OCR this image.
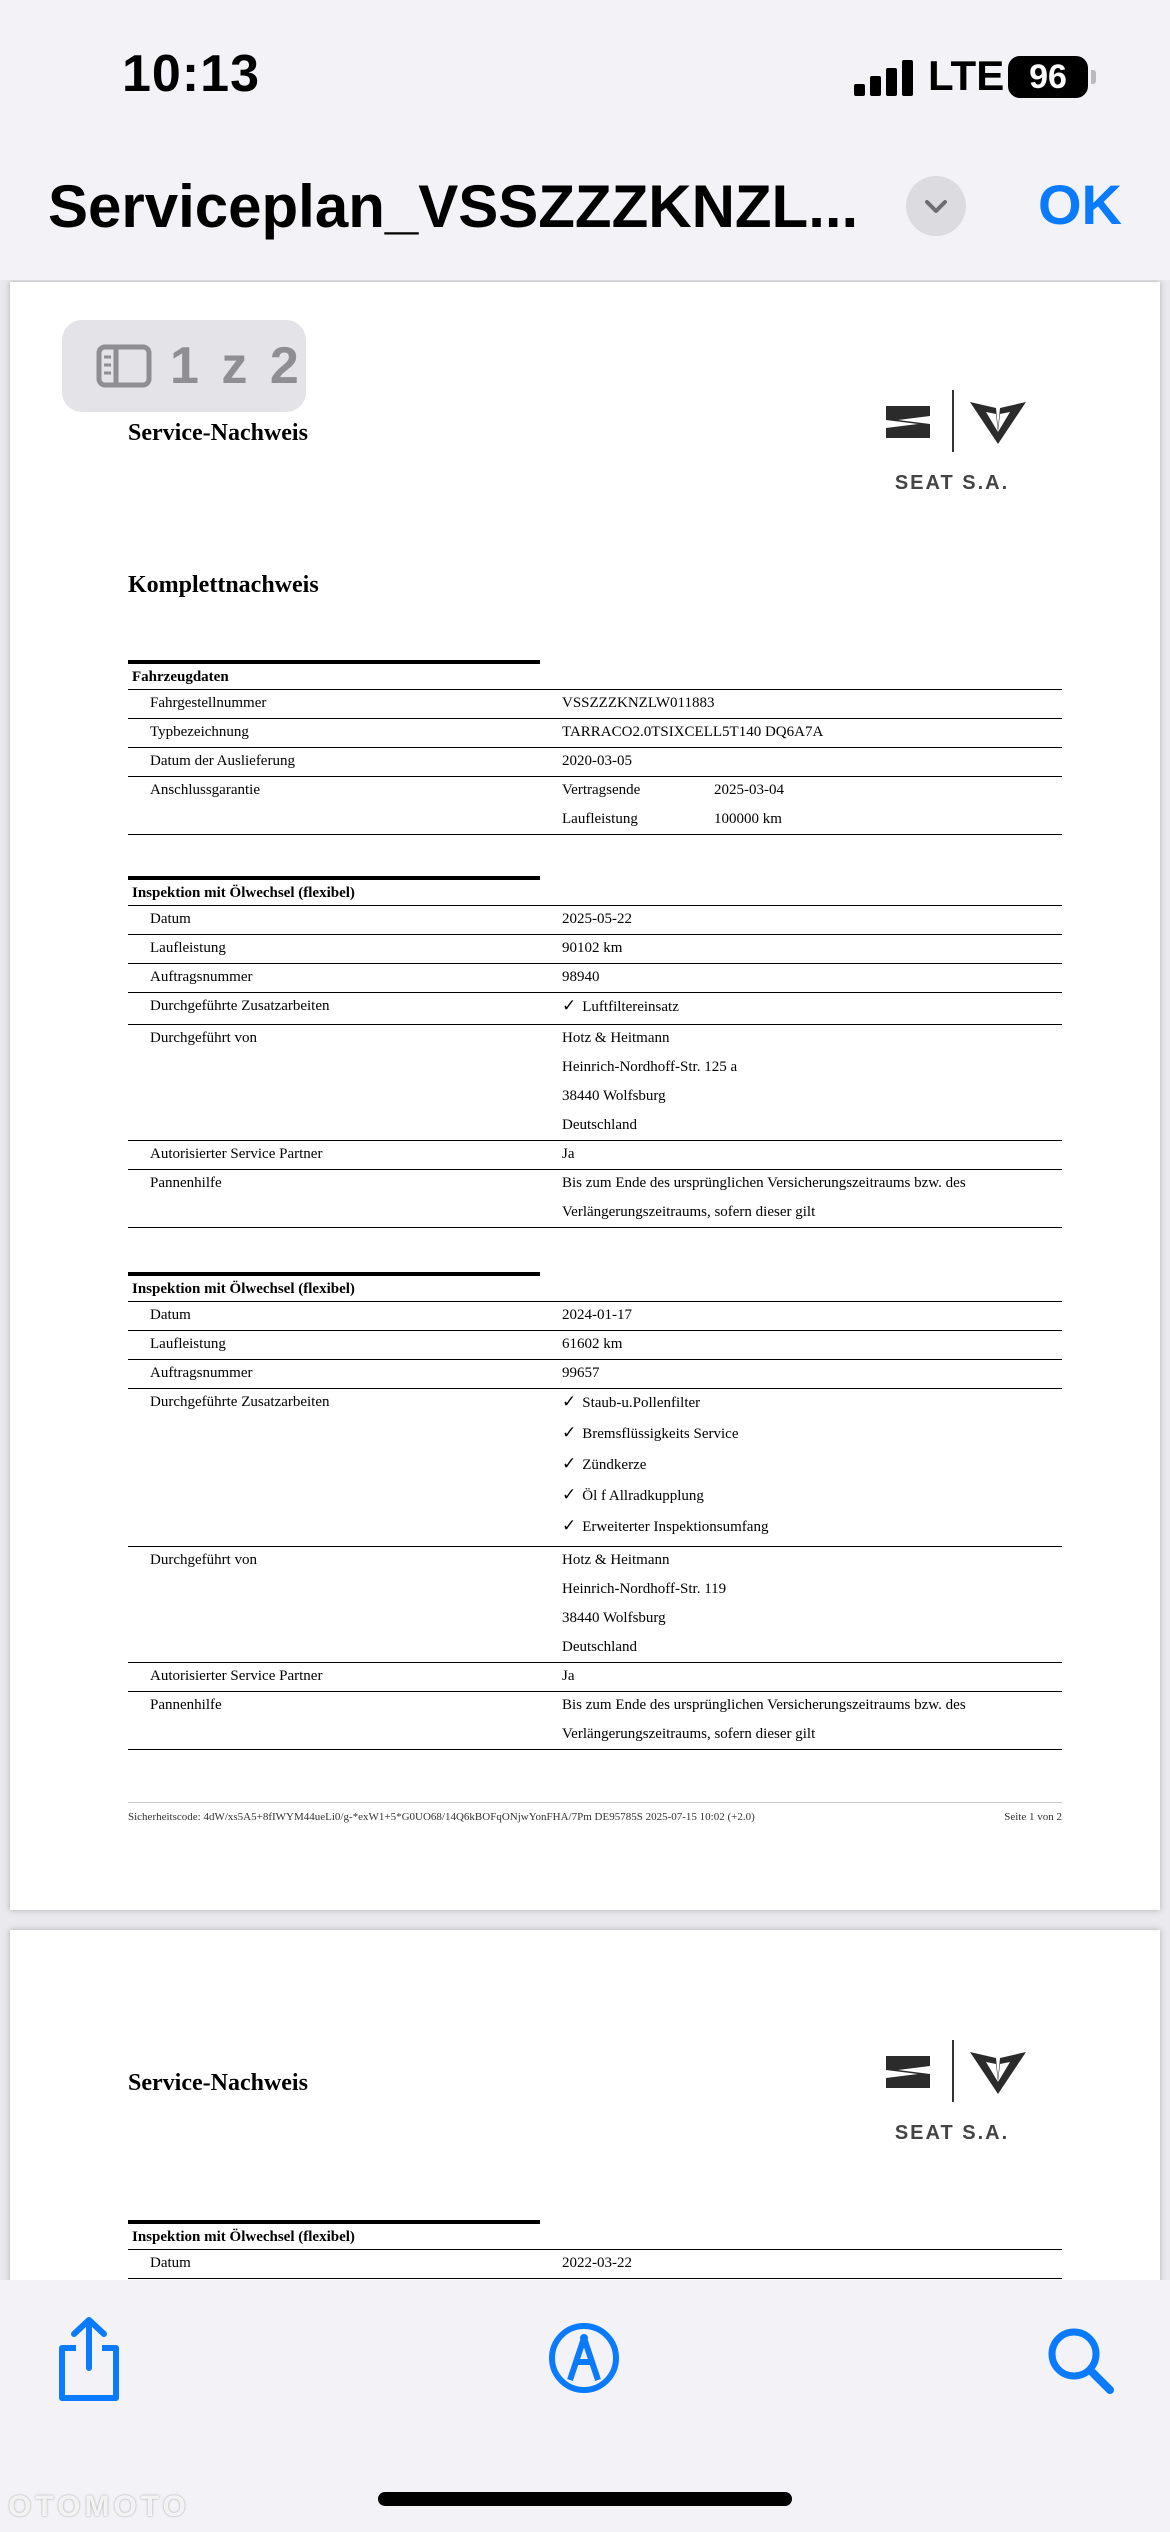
10:13	LTE 96
Serviceplan_VSSZZZKNZL...	OK
1 z 2
Service-Nachweis
SEAT S.A.
Komplettnachweis
Fahrzeugdaten
Fahrgestellnummer	VSSZZZKNZLW011883
Typbezeichnung	TARRACO2.0TSIXCELL5T140 DQ6A7A
Datum der Auslieferung	2020-03-05
Anschlussgarantie	Vertragsende	2025-03-04
Laufleistung	100000 km
Inspektion mit Ölwechsel (flexibel)
Datum	2025-05-22
Laufleistung	90102 km
Auftragsnummer	98940
Durchgeführte Zusatzarbeiten	✓ Luftfiltereinsatz
Durchgeführt von	Hotz & Heitmann
Heinrich-Nordhoff-Str. 125 a
38440 Wolfsburg
Deutschland
Autorisierter Service Partner	Ja
Pannenhilfe	Bis zum Ende des ursprünglichen Versicherungszeitraums bzw. des
Verlängerungszeitraums, sofern dieser gilt
Inspektion mit Ölwechsel (flexibel)
Datum	2024-01-17
Laufleistung	61602 km
Auftragsnummer	99657
Durchgeführte Zusatzarbeiten	✓ Staub-u.Pollenfilter
✓ Bremsflüssigkeits Service
✓ Zündkerze
✓ Öl f Allradkupplung
✓ Erweiterter Inspektionsumfang
Durchgeführt von	Hotz & Heitmann
Heinrich-Nordhoff-Str. 119
38440 Wolfsburg
Deutschland
Autorisierter Service Partner	Ja
Pannenhilfe	Bis zum Ende des ursprünglichen Versicherungszeitraums bzw. des
Verlängerungszeitraums, sofern dieser gilt
Sicherheitscode: 4dW/xs5A5+8fIWYM44ueLi0/g-*exW1+5*G0UO68/14Q6kBOFqONjwYonFHA/7Pm DE95785S 2025-07-15 10:02 (+2.0)	Seite 1 von 2
Service-Nachweis
SEAT S.A.
Inspektion mit Ölwechsel (flexibel)
Datum	2022-03-22
OTOMOTO
